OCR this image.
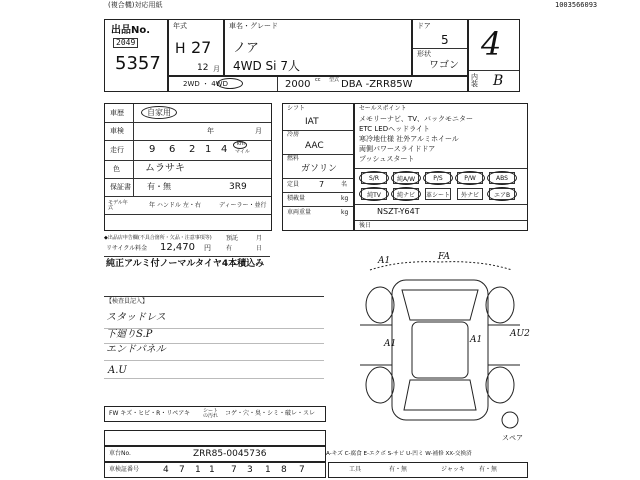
(複合機)対応用紙	1003566093
出品No.
2049
5357
年式
H 27
12 月
車名・グレード
ノア
4WD Si 7人
ドア
5
形状
ワゴン
4
内装 B
2WD ・ 4WD	2000 cc 型式 DBA -ZRR85W
車歴	自家用
車検	年	月
走行	9 6 2 1 4 km
マイル
色	ムラサキ
保証書 有・無	3R9
モデル年式	年 ハンドル 左・右	ディーラー・並行
リサイクル料金 12,470 円
預託	月
日
有
シフト
IAT
冷房
AAC
燃料
ガソリン
定員 7	名
積載量	kg
車両重量	kg
セールスポイント
メモリーナビ、TV、バックモニター
ETC LEDヘッドライト
寒冷地仕様 社外アルミホイール
両側パワースライドドア
プッシュスタート
S/R	純A/W	P/S	P/W	ABS
純TV	純ナビ	革シート	外ナビ	エアB
NSZT-Y64T
後日
◆出品店申告欄(不具合箇所・欠品・注意事項等)
純正アルミ付ノーマルタイヤ4本積込み
【検査員記入】
スタッドレス
下廻りS.P
エンドパネル
A.U
A1	FA
A1	A1
AU2
スペア
FW キズ・ヒビ・R・リペアキ	シートの汚れ コゲ・穴・臭・シミ・破レ・スレ
車台No.	ZRR85-0045736
車検証番号	4 7 1 1 7 3 1 8 7
A-キズ C-腐食 E-エクボ S-サビ U-凹ミ W-補修 XX-交換済
工具	有・無	ジャッキ 有・無
